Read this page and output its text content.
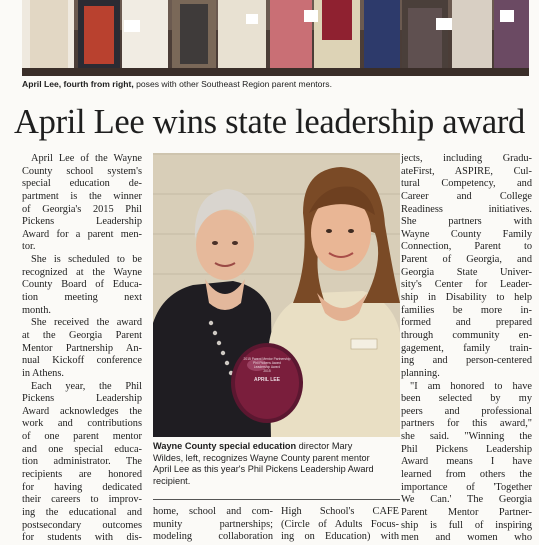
April Lee, fourth from right, poses with other Southeast Region parent mentors.
April Lee wins state leadership award
April Lee of the Wayne
County school system's
special education de-
partment is the winner
of Georgia's 2015 Phil
Pickens Leadership
Award for a parent men-
tor.
She is scheduled to be
recognized at the Wayne
County Board of Educa-
tion meeting next
month.
She received the award
at the Georgia Parent
Mentor Partnership An-
nual Kickoff conference
in Athens.
Each year, the Phil
Pickens Leadership
Award acknowledges the
work and contributions
of one parent mentor
and one special educa-
tion administrator. The
recipients are honored
for having dedicated
their careers to improv-
ing the educational and
postsecondary outcomes
for students with dis-
2015 Parent Mentor Partnership
Phil Pickens Award
Leadership Award
2015
APRIL LEE
Wayne County special education director Mary
Wildes, left, recognizes Wayne County parent mentor
April Lee as this year's Phil Pickens Leadership Award
recipient.
home, school and com-
munity partnerships;
modeling collaboration
High School's CAFE
(Circle of Adults Focus-
ing on Education) with
jects, including Gradu-
ateFirst, ASPIRE, Cul-
tural Competency, and
Career and College
Readiness initiatives.
She partners with
Wayne County Family
Connection, Parent to
Parent of Georgia, and
Georgia State Univer-
sity's Center for Leader-
ship in Disability to help
families be more in-
formed and prepared
through community en-
gagement, family train-
ing and person-centered
planning.
"I am honored to have
been selected by my
peers and professional
partners for this award,"
she said. "Winning the
Phil Pickens Leadership
Award means I have
learned from others the
importance of 'Together
We Can.' The Georgia
Parent Mentor Partner-
ship is full of inspiring
men and women who
